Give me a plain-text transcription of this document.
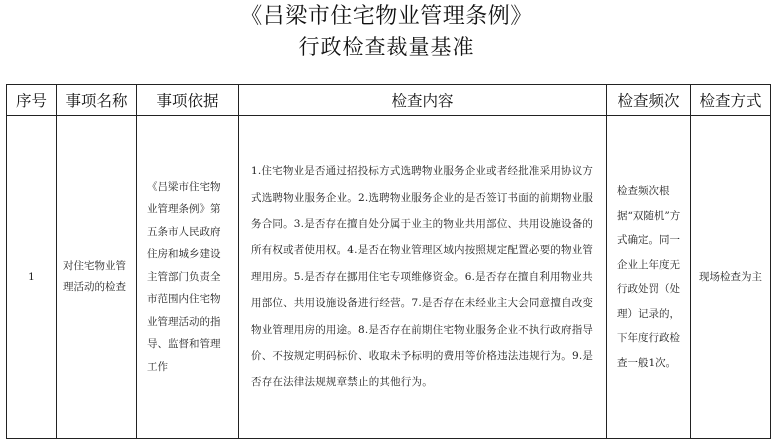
《吕梁市住宅物业管理条例》
行政检查裁量基准
序号	事项名称	事项依据	检查内容	检查频次	检查方式
1	对住宅物业管理活动的检查	《吕梁市住宅物业管理条例》第五条市人民政府住房和城乡建设主管部门负责全市范围内住宅物业管理活动的指导、监督和管理工作	1.住宅物业是否通过招投标方式选聘物业服务企业或者经批准采用协议方式选聘物业服务企业。2.选聘物业服务企业的是否签订书面的前期物业服务合同。3.是否存在擅自处分属于业主的物业共用部位、共用设施设备的所有权或者使用权。4.是否在物业管理区域内按照规定配置必要的物业管理用房。5.是否存在挪用住宅专项维修资金。6.是否存在擅自利用物业共用部位、共用设施设备进行经营。7.是否存在未经业主大会同意擅自改变物业管理用房的用途。8.是否存在前期住宅物业服务企业不执行政府指导价、不按规定明码标价、收取未予标明的费用等价格违法违规行为。9.是否存在法律法规规章禁止的其他行为。	检查频次根据“双随机”方式确定。同一企业上年度无行政处罚（处理）记录的，下年度行政检查一般1次。	现场检查为主
